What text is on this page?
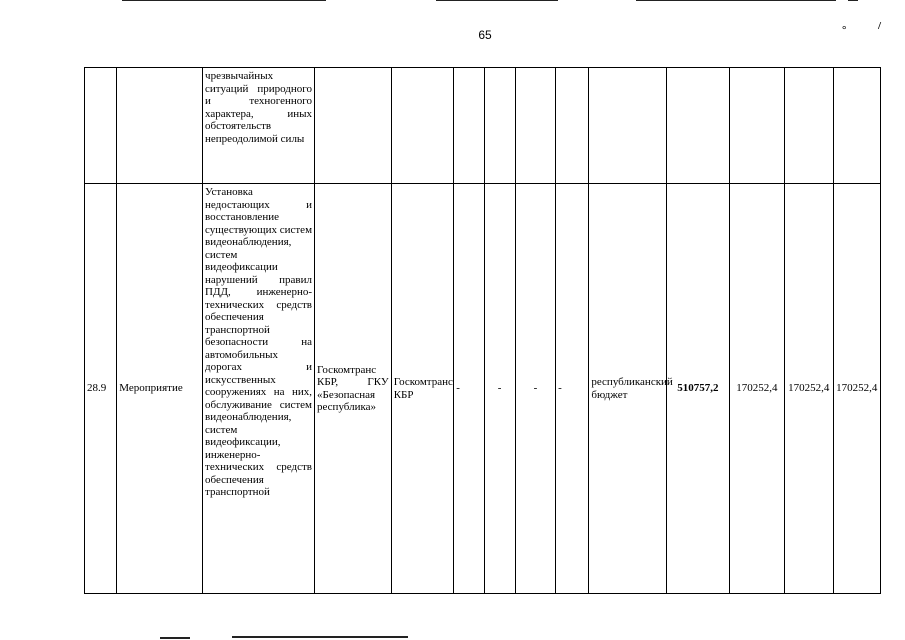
°	/
65
		чрезвычайных ситуаций природного и техногенного характера, иных обстоятельств непреодолимой силы											
28.9	Мероприятие	Установка недостающих и восстановление существующих систем видеонаблюдения, систем видеофиксации нарушений правил ПДД, инженерно-технических средств обеспечения транспортной безопасности на автомобильных дорогах и искусственных сооружениях на них, обслуживание систем видеонаблюдения, систем видеофиксации, инженерно-технических средств обеспечения транспортной	Госкомтранс КБР, ГКУ «Безопасная республика»	Госкомтранс КБР	-	-	-	-	республиканский бюджет	510757,2	170252,4	170252,4	170252,4
